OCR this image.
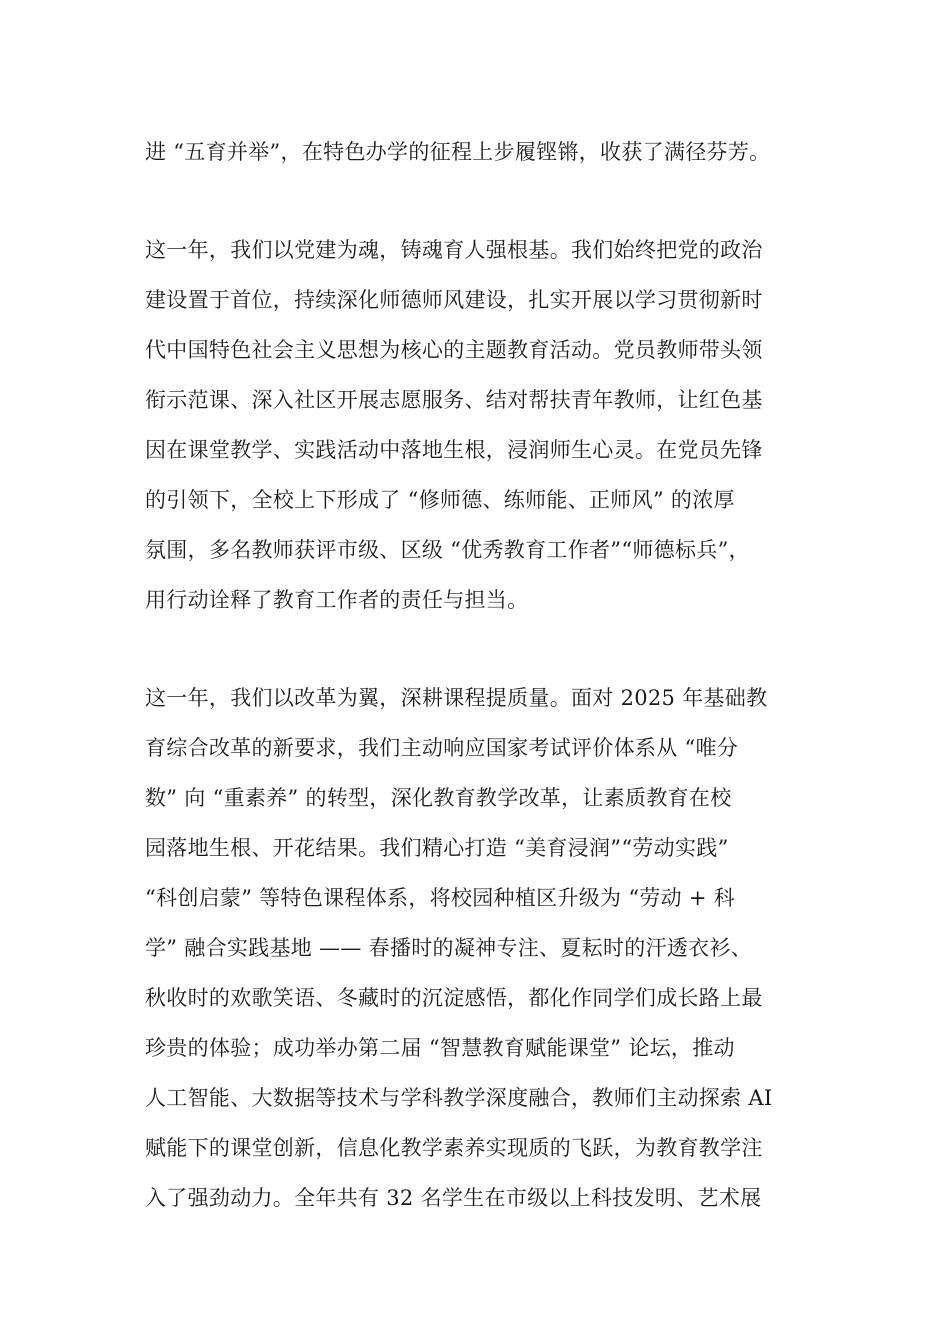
进 “五育并举”，在特色办学的征程上步履铿锵，收获了满径芬芳。
这一年，我们以党建为魂，铸魂育人强根基。我们始终把党的政治
建设置于首位，持续深化师德师风建设，扎实开展以学习贯彻新时
代中国特色社会主义思想为核心的主题教育活动。党员教师带头领
衔示范课、深入社区开展志愿服务、结对帮扶青年教师，让红色基
因在课堂教学、实践活动中落地生根，浸润师生心灵。在党员先锋
的引领下，全校上下形成了 “修师德、练师能、正师风” 的浓厚
氛围，多名教师获评市级、区级 “优秀教育工作者”“师德标兵”，
用行动诠释了教育工作者的责任与担当。
这一年，我们以改革为翼，深耕课程提质量。面对 2025 年基础教
育综合改革的新要求，我们主动响应国家考试评价体系从 “唯分
数” 向 “重素养” 的转型，深化教育教学改革，让素质教育在校
园落地生根、开花结果。我们精心打造 “美育浸润”“劳动实践”
“科创启蒙” 等特色课程体系，将校园种植区升级为 “劳动 + 科
学” 融合实践基地 —— 春播时的凝神专注、夏耘时的汗透衣衫、
秋收时的欢歌笑语、冬藏时的沉淀感悟，都化作同学们成长路上最
珍贵的体验；成功举办第二届 “智慧教育赋能课堂” 论坛，推动
人工智能、大数据等技术与学科教学深度融合，教师们主动探索 AI
赋能下的课堂创新，信息化教学素养实现质的飞跃，为教育教学注
入了强劲动力。全年共有 32 名学生在市级以上科技发明、艺术展
